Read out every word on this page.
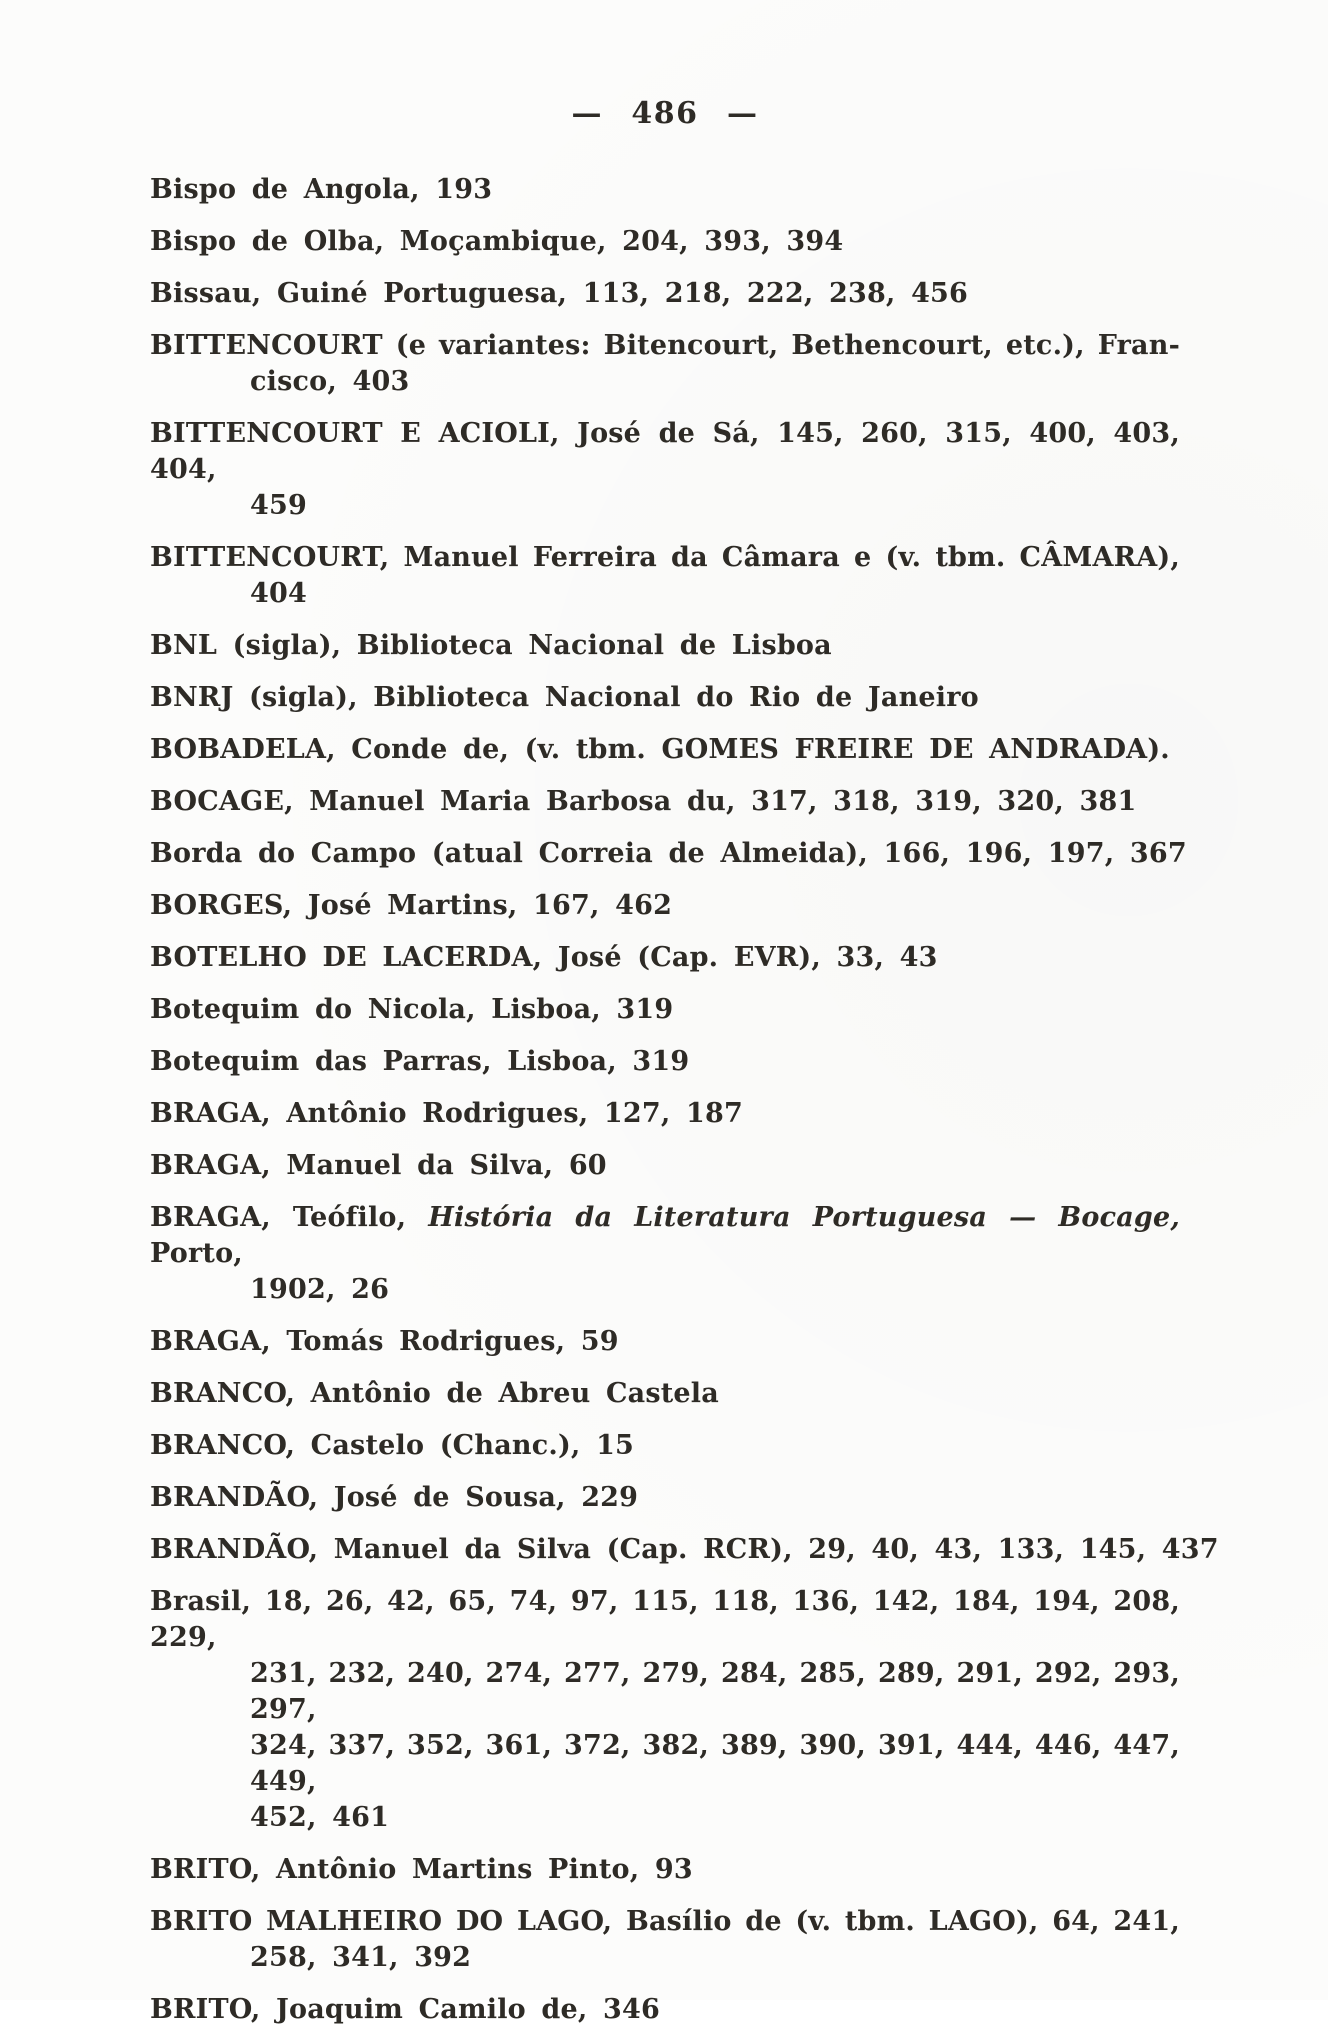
— 486 —
Bispo de Angola, 193
Bispo de Olba, Moçambique, 204, 393, 394
Bissau, Guiné Portuguesa, 113, 218, 222, 238, 456
BITTENCOURT (e variantes: Bitencourt, Bethencourt, etc.), Fran-
cisco, 403
BITTENCOURT E ACIOLI, José de Sá, 145, 260, 315, 400, 403, 404,
459
BITTENCOURT, Manuel Ferreira da Câmara e (v. tbm. CÂMARA),
404
BNL (sigla), Biblioteca Nacional de Lisboa
BNRJ (sigla), Biblioteca Nacional do Rio de Janeiro
BOBADELA, Conde de, (v. tbm. GOMES FREIRE DE ANDRADA).
BOCAGE, Manuel Maria Barbosa du, 317, 318, 319, 320, 381
Borda do Campo (atual Correia de Almeida), 166, 196, 197, 367
BORGES, José Martins, 167, 462
BOTELHO DE LACERDA, José (Cap. EVR), 33, 43
Botequim do Nicola, Lisboa, 319
Botequim das Parras, Lisboa, 319
BRAGA, Antônio Rodrigues, 127, 187
BRAGA, Manuel da Silva, 60
BRAGA, Teófilo, História da Literatura Portuguesa — Bocage, Porto,
1902, 26
BRAGA, Tomás Rodrigues, 59
BRANCO, Antônio de Abreu Castela
BRANCO, Castelo (Chanc.), 15
BRANDÃO, José de Sousa, 229
BRANDÃO, Manuel da Silva (Cap. RCR), 29, 40, 43, 133, 145, 437
Brasil, 18, 26, 42, 65, 74, 97, 115, 118, 136, 142, 184, 194, 208, 229,
231, 232, 240, 274, 277, 279, 284, 285, 289, 291, 292, 293, 297,
324, 337, 352, 361, 372, 382, 389, 390, 391, 444, 446, 447, 449,
452, 461
BRITO, Antônio Martins Pinto, 93
BRITO MALHEIRO DO LAGO, Basílio de (v. tbm. LAGO), 64, 241,
258, 341, 392
BRITO, Joaquim Camilo de, 346
